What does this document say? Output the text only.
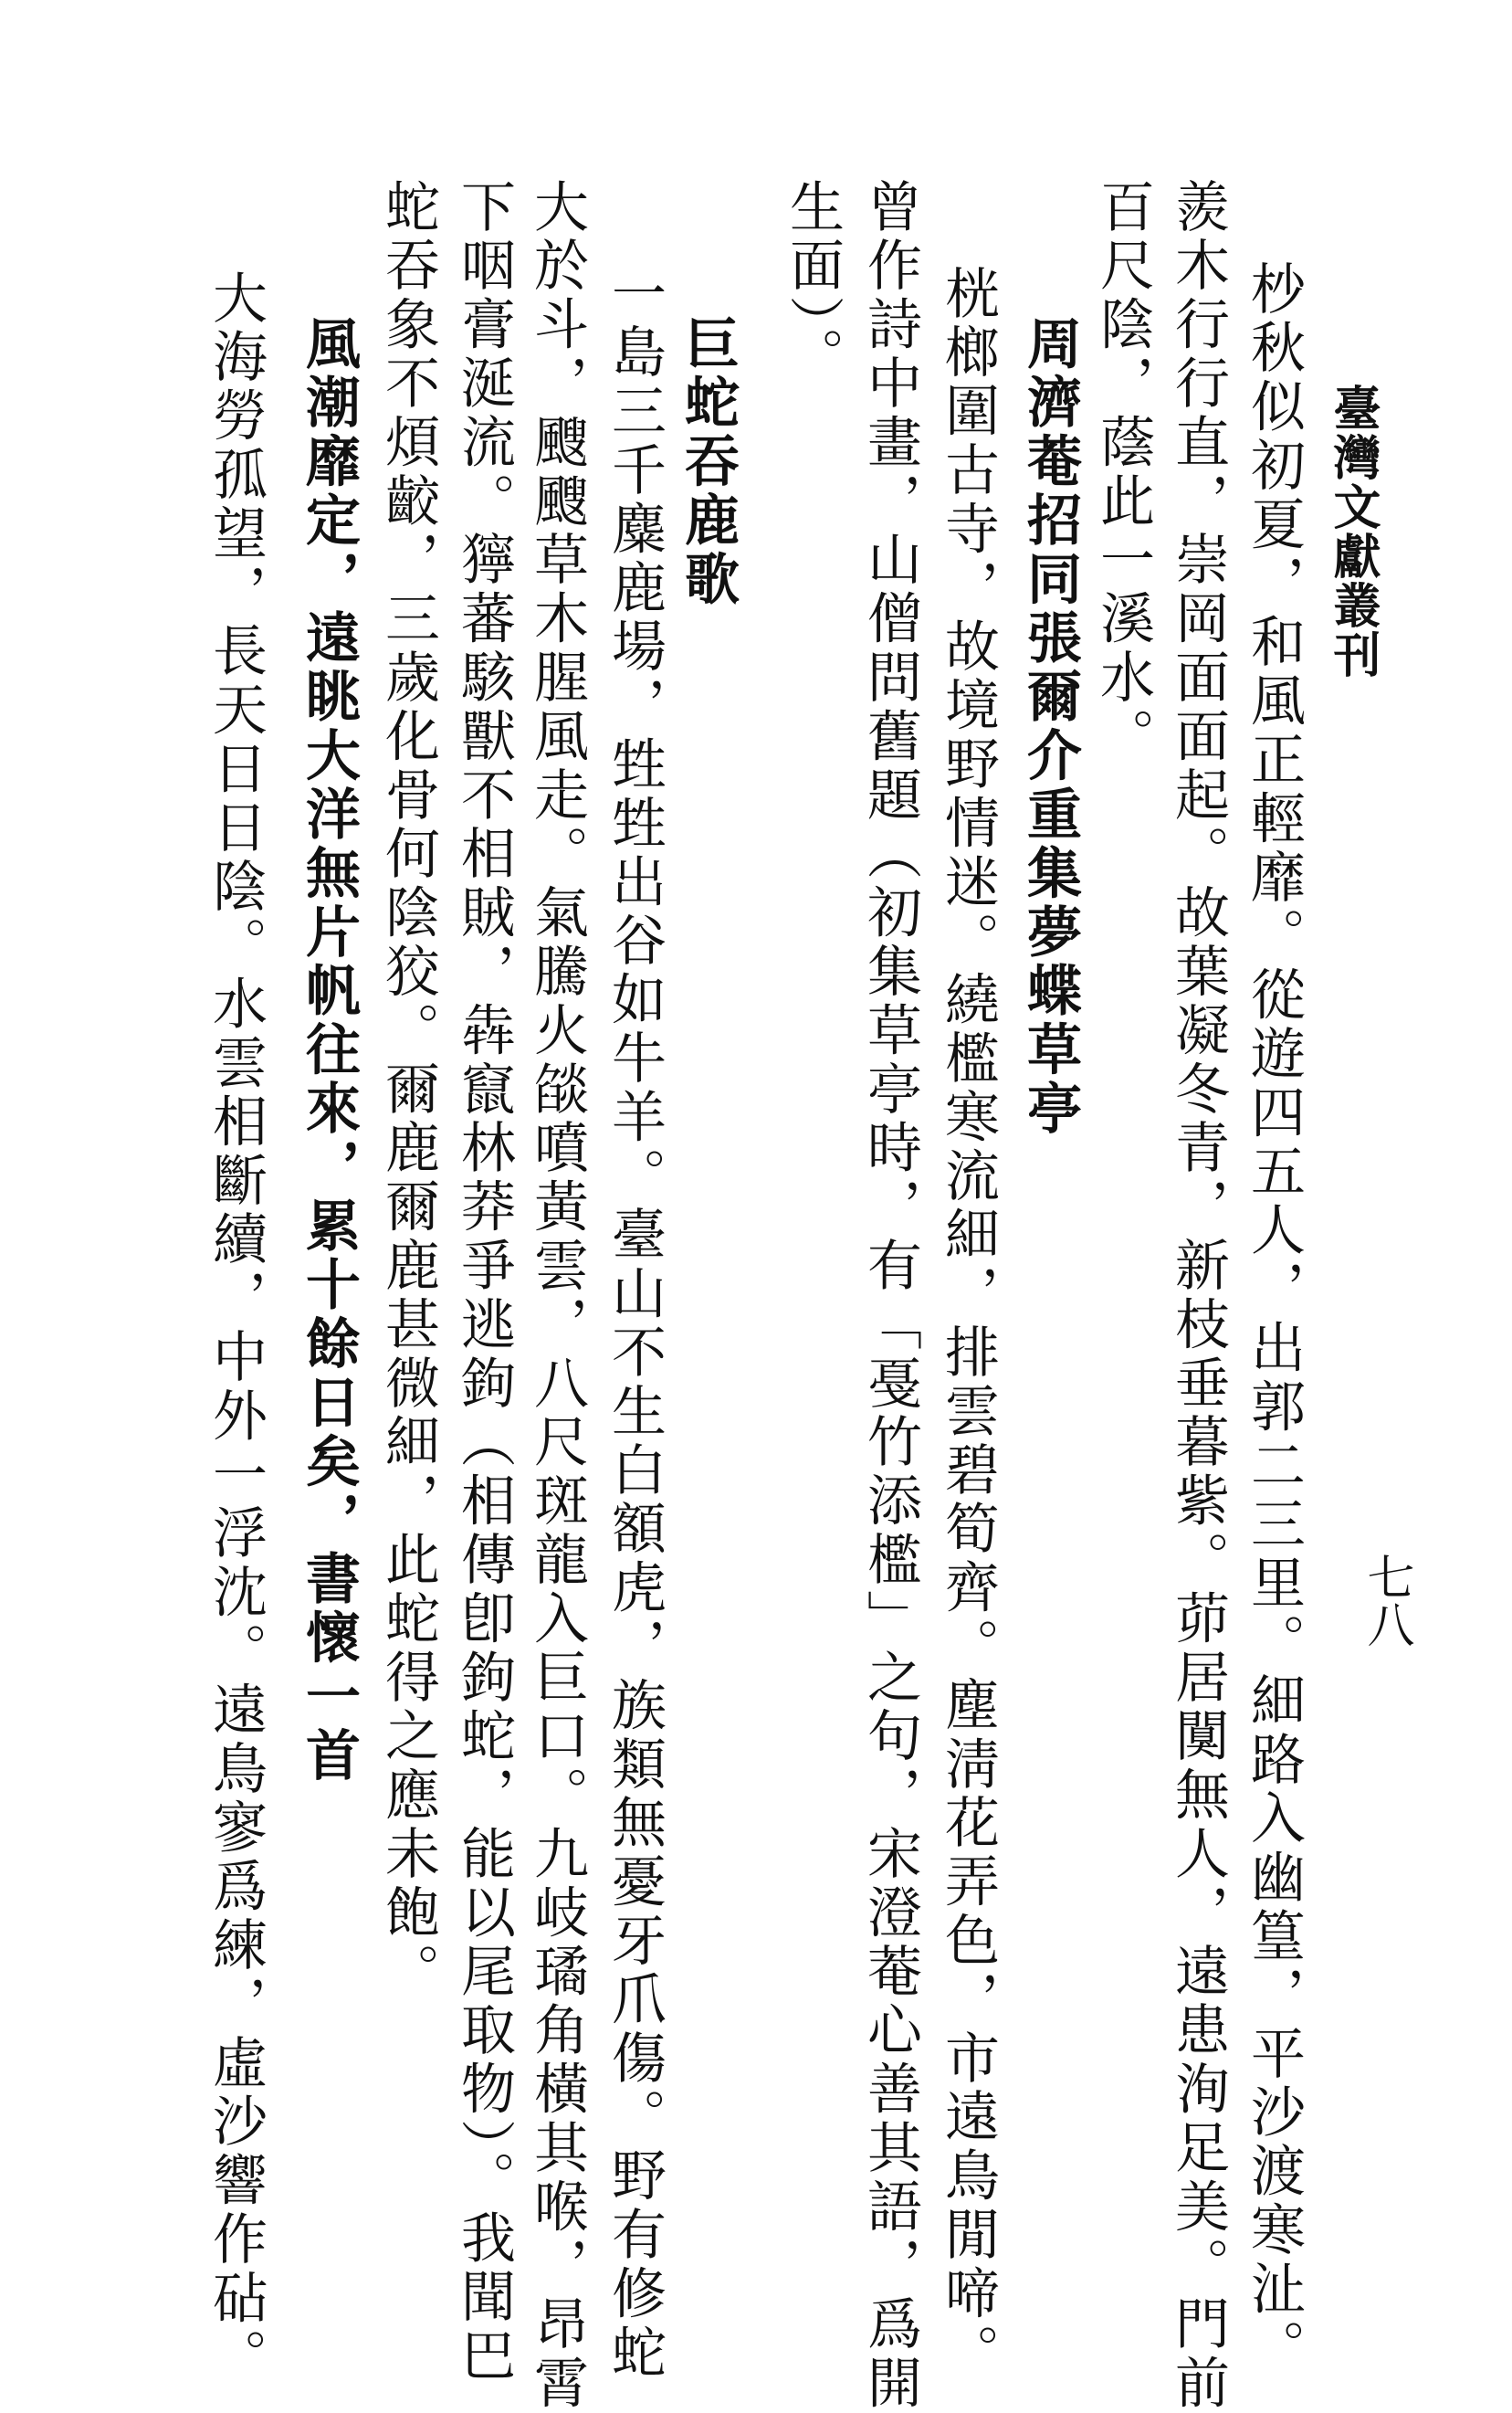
臺灣文獻叢刊
七八
杪秋似初夏，和風正輕靡。從遊四五人，出郭二三里。細路入幽篁，平沙渡寒沚。
羨木行行直，崇岡面面起。故葉凝冬青，新枝垂暮紫。茆居闃無人，遠患洵足美。門前
百尺陰，蔭此一溪水。
周濟菴招同張爾介重集夢蝶草亭
桄榔圍古寺，故境野情迷。繞檻寒流細，排雲碧筍齊。塵淸花弄色，市遠鳥閒啼。
曾作詩中畫，山僧問舊題（初集草亭時，有「戞竹添檻」之句，宋澄菴心善其語，爲開
生面）。
巨蛇吞鹿歌
一島三千麋鹿場，甡甡出谷如牛羊。臺山不生白額虎，族類無憂牙爪傷。野有修蛇
大於斗，颼颼草木腥風走。氣騰火燄噴黃雲，八尺斑龍入巨口。九岐璚角橫其喉，昂霄
下咽膏涎流。獰蕃駭獸不相賊，犇竄林莽爭逃鉤（相傳卽鉤蛇，能以尾取物）。我聞巴
蛇吞象不煩齩，三歲化骨何陰狡。爾鹿爾鹿甚微細，此蛇得之應未飽。
風潮靡定，遠眺大洋無片帆往來，累十餘日矣，書懷一首
大海勞孤望，長天日日陰。水雲相斷續，中外一浮沈。遠鳥寥爲練，虛沙響作砧。
